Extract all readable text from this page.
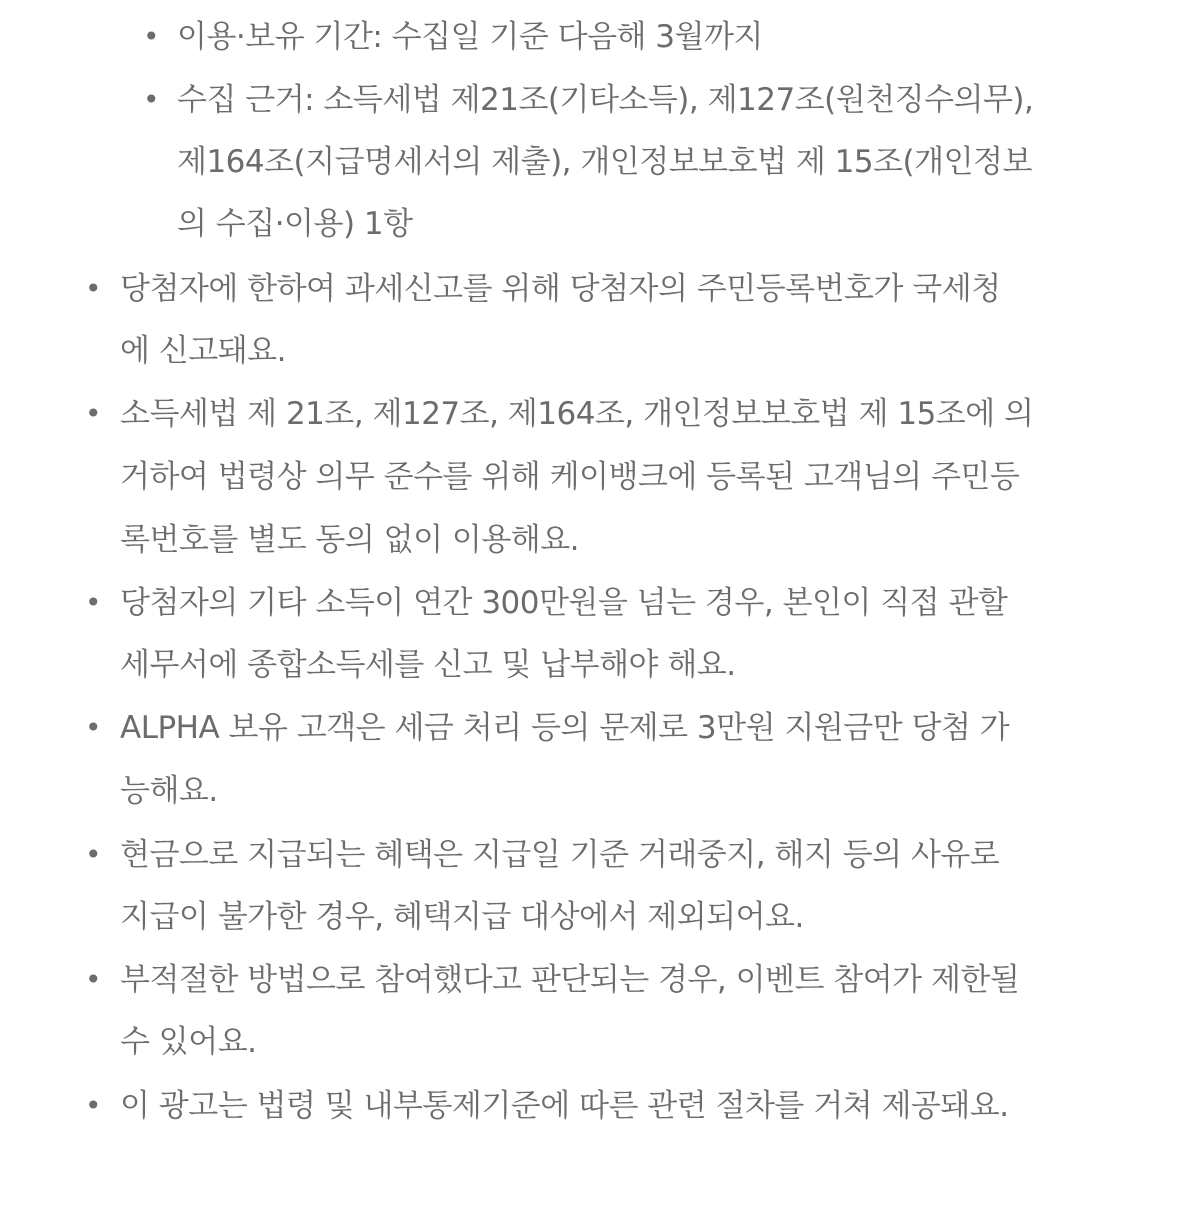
• 이용·보유 기간: 수집일 기준 다음해 3월까지
• 수집 근거: 소득세법 제21조(기타소득), 제127조(원천징수의무),
제164조(지급명세서의 제출), 개인정보보호법 제 15조(개인정보
의 수집·이용) 1항
• 당첨자에 한하여 과세신고를 위해 당첨자의 주민등록번호가 국세청
에 신고돼요.
• 소득세법 제 21조, 제127조, 제164조, 개인정보보호법 제 15조에 의
거하여 법령상 의무 준수를 위해 케이뱅크에 등록된 고객님의 주민등
록번호를 별도 동의 없이 이용해요.
• 당첨자의 기타 소득이 연간 300만원을 넘는 경우, 본인이 직접 관할
세무서에 종합소득세를 신고 및 납부해야 해요.
• ALPHA 보유 고객은 세금 처리 등의 문제로 3만원 지원금만 당첨 가
능해요.
• 현금으로 지급되는 혜택은 지급일 기준 거래중지, 해지 등의 사유로
지급이 불가한 경우, 혜택지급 대상에서 제외되어요.
• 부적절한 방법으로 참여했다고 판단되는 경우, 이벤트 참여가 제한될
수 있어요.
• 이 광고는 법령 및 내부통제기준에 따른 관련 절차를 거쳐 제공돼요.
